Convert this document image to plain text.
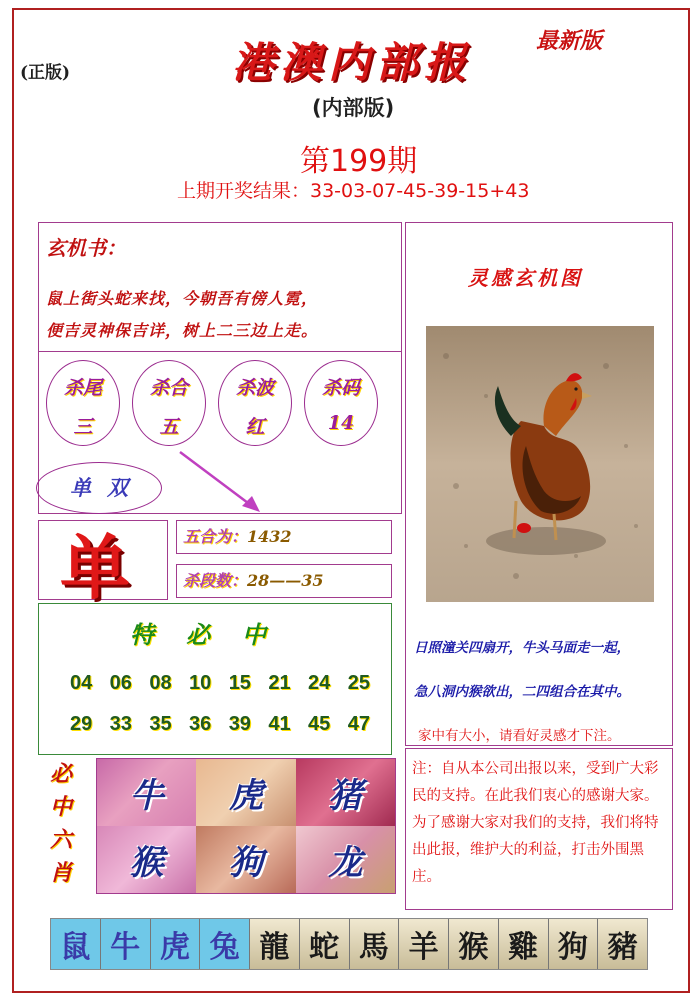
(正版)	港澳内部报	最新版
(内部版)
第199期
上期开奖结果：33-03-07-45-39-15+43
玄机书：
鼠上街头蛇来找，今朝吾有傍人霓，
便吉灵神保吉详，树上二三边上走。
杀尾
三
杀合
五
杀波
红
杀码
14
单双
单	五合为：1432
杀段数：28——35
特必中
04 06 08 10 15 21 24 25
29 33 35 36 39 41 45 47
必中六肖
牛	虎	猪
猴	狗	龙
灵感玄机图
日照潼关四扇开，牛头马面走一起，
急八洞内猴欲出，二四组合在其中。
家中有大小，请看好灵感才下注。
注：自从本公司出报以来，受到广大彩民的支持。在此我们衷心的感谢大家。为了感谢大家对我们的支持，我们将特出此报，维护大的利益，打击外围黑庄。
鼠 牛 虎 兔 龍 蛇 馬 羊 猴 雞 狗 豬
